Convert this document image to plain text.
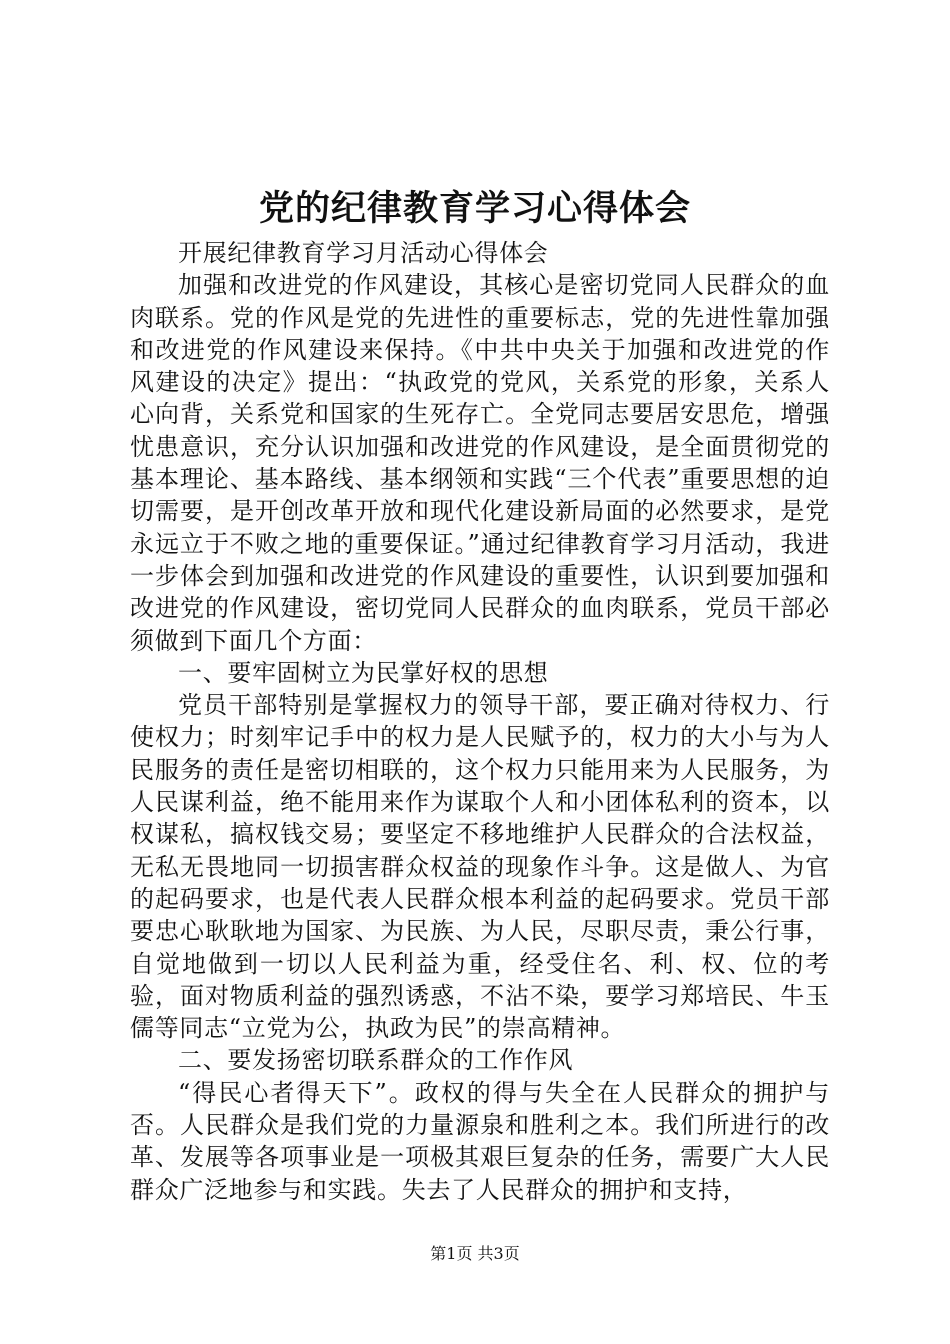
党的纪律教育学习心得体会

开展纪律教育学习月活动心得体会

加强和改进党的作风建设，其核心是密切党同人民群众的血肉联系。党的作风是党的先进性的重要标志，党的先进性靠加强和改进党的作风建设来保持。《中共中央关于加强和改进党的作风建设的决定》提出：“执政党的党风，关系党的形象，关系人心向背，关系党和国家的生死存亡。全党同志要居安思危，增强忧患意识，充分认识加强和改进党的作风建设，是全面贯彻党的基本理论、基本路线、基本纲领和实践“三个代表”重要思想的迫切需要，是开创改革开放和现代化建设新局面的必然要求，是党永远立于不败之地的重要保证。”通过纪律教育学习月活动，我进一步体会到加强和改进党的作风建设的重要性，认识到要加强和改进党的作风建设，密切党同人民群众的血肉联系，党员干部必须做到下面几个方面：

一、要牢固树立为民掌好权的思想

党员干部特别是掌握权力的领导干部，要正确对待权力、行使权力；时刻牢记手中的权力是人民赋予的，权力的大小与为人民服务的责任是密切相联的，这个权力只能用来为人民服务，为人民谋利益，绝不能用来作为谋取个人和小团体私利的资本，以权谋私，搞权钱交易；要坚定不移地维护人民群众的合法权益，无私无畏地同一切损害群众权益的现象作斗争。这是做人、为官的起码要求，也是代表人民群众根本利益的起码要求。党员干部要忠心耿耿地为国家、为民族、为人民，尽职尽责，秉公行事，自觉地做到一切以人民利益为重，经受住名、利、权、位的考验，面对物质利益的强烈诱惑，不沾不染，要学习郑培民、牛玉儒等同志“立党为公，执政为民”的崇高精神。

二、要发扬密切联系群众的工作作风

“得民心者得天下”。政权的得与失全在人民群众的拥护与否。人民群众是我们党的力量源泉和胜利之本。我们所进行的改革、发展等各项事业是一项极其艰巨复杂的任务，需要广大人民群众广泛地参与和实践。失去了人民群众的拥护和支持，

第1页 共3页
